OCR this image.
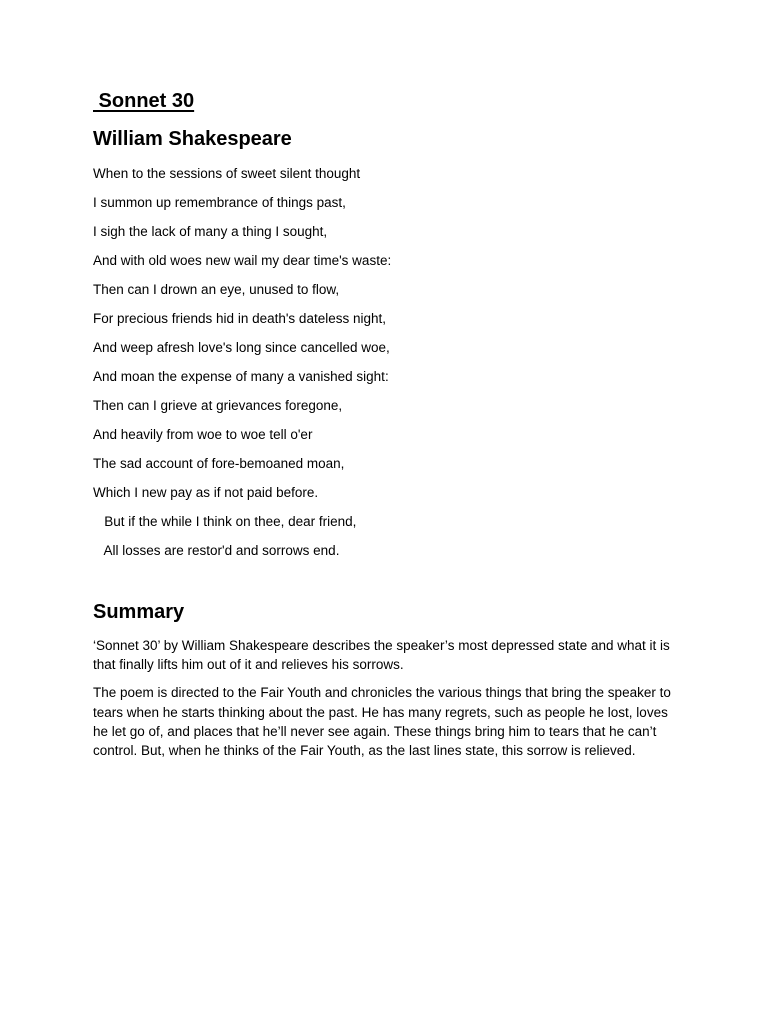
Sonnet 30
William Shakespeare
When to the sessions of sweet silent thought
I summon up remembrance of things past,
I sigh the lack of many a thing I sought,
And with old woes new wail my dear time's waste:
Then can I drown an eye, unused to flow,
For precious friends hid in death's dateless night,
And weep afresh love's long since cancelled woe,
And moan the expense of many a vanished sight:
Then can I grieve at grievances foregone,
And heavily from woe to woe tell o'er
The sad account of fore-bemoaned moan,
Which I new pay as if not paid before.
But if the while I think on thee, dear friend,
All losses are restor'd and sorrows end.
Summary

‘Sonnet 30’ by William Shakespeare describes the speaker’s most depressed state and what it is that finally lifts him out of it and relieves his sorrows.

The poem is directed to the Fair Youth and chronicles the various things that bring the speaker to tears when he starts thinking about the past. He has many regrets, such as people he lost, loves he let go of, and places that he’ll never see again. These things bring him to tears that he can’t control. But, when he thinks of the Fair Youth, as the last lines state, this sorrow is relieved.
